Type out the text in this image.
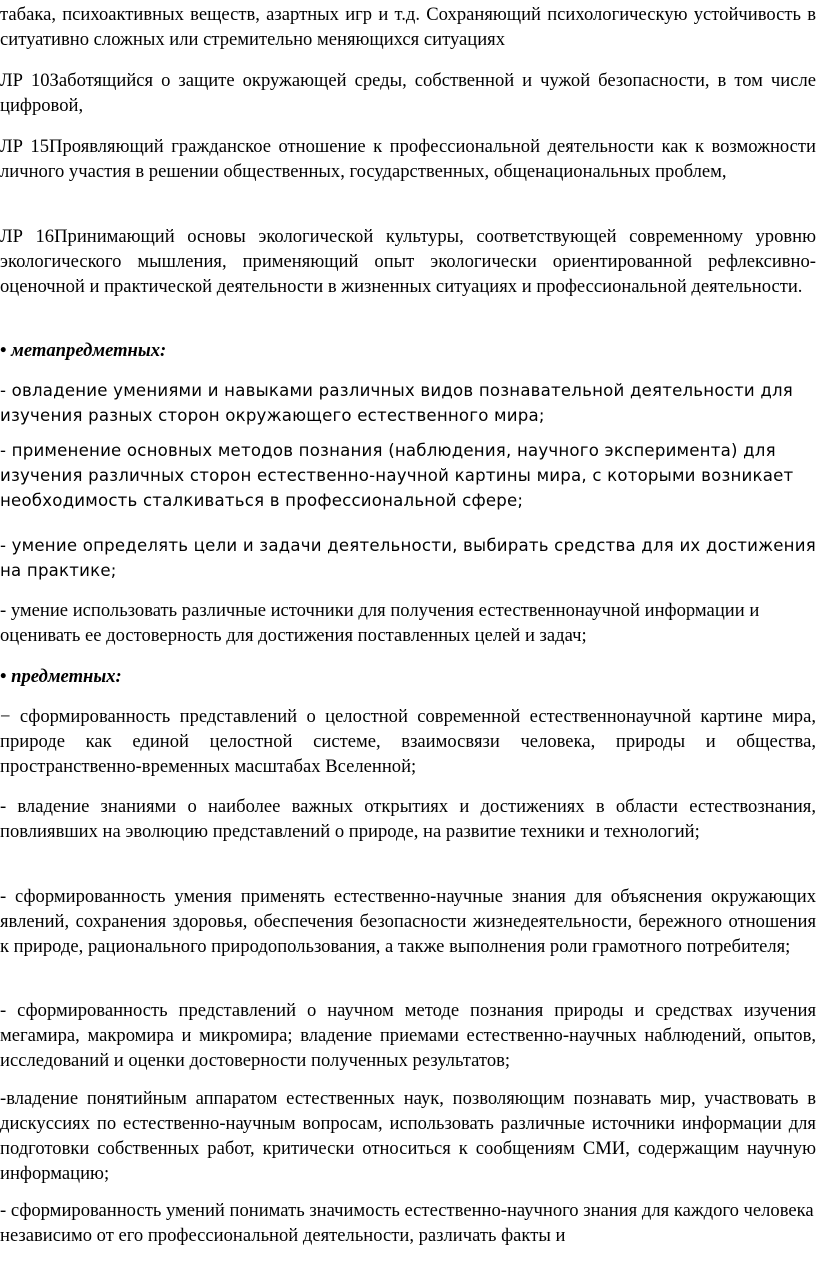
табака, психоактивных веществ, азартных игр и т.д. Сохраняющий психологическую устойчивость в ситуативно сложных или стремительно меняющихся ситуациях

ЛР 10Заботящийся о защите окружающей среды, собственной и чужой безопасности, в том числе цифровой,

ЛР 15Проявляющий гражданское отношение к профессиональной деятельности как к возможности личного участия в решении общественных, государственных, общенациональных проблем,

ЛР 16Принимающий основы экологической культуры, соответствующей современному уровню экологического мышления, применяющий опыт экологически ориентированной рефлексивно-оценочной и практической деятельности в жизненных ситуациях и профессиональной деятельности.

• метапредметных:

- овладение умениями и навыками различных видов познавательной деятельности для изучения разных сторон окружающего естественного мира;

- применение основных методов познания (наблюдения, научного эксперимента) для изучения различных сторон естественно-научной картины мира, с которыми возникает необходимость сталкиваться в профессиональной сфере;

- умение определять цели и задачи деятельности, выбирать средства для их достижения на практике;

- умение использовать различные источники для получения естественнонаучной информации и оценивать ее достоверность для достижения поставленных целей и задач;

• предметных:

− сформированность представлений о целостной современной естественнонаучной картине мира, природе как единой целостной системе, взаимосвязи человека, природы и общества, пространственно-временных масштабах Вселенной;

- владение знаниями о наиболее важных открытиях и достижениях в области естествознания, повлиявших на эволюцию представлений о природе, на развитие техники и технологий;

- сформированность умения применять естественно-научные знания для объяснения окружающих явлений, сохранения здоровья, обеспечения безопасности жизнедеятельности, бережного отношения к природе, рационального природопользования, а также выполнения роли грамотного потребителя;

- сформированность представлений о научном методе познания природы и средствах изучения мегамира, макромира и микромира; владение приемами естественно-научных наблюдений, опытов, исследований и оценки достоверности полученных результатов;

-владение понятийным аппаратом естественных наук, позволяющим познавать мир, участвовать в дискуссиях по естественно-научным вопросам, использовать различные источники информации для подготовки собственных работ, критически относиться к сообщениям СМИ, содержащим научную информацию;

- сформированность умений понимать значимость естественно-научного знания для каждого человека независимо от его профессиональной деятельности, различать факты и
